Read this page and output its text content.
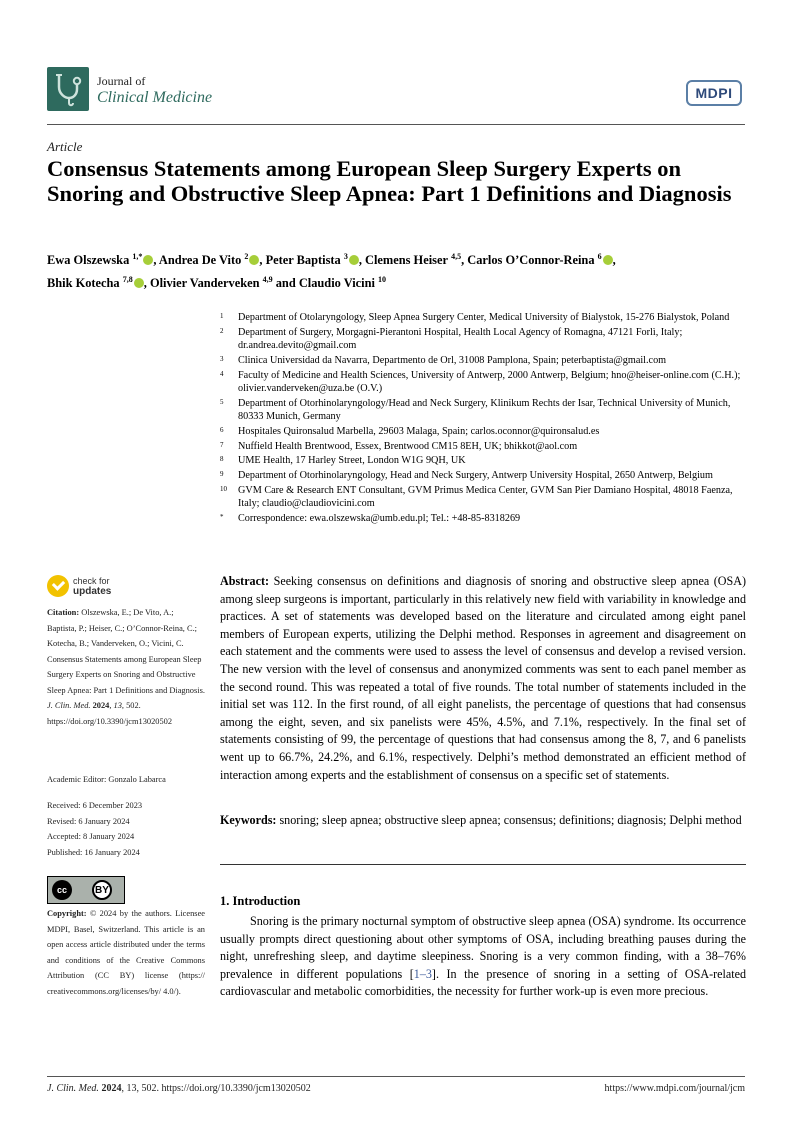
Journal of
Clinical Medicine	MDPI
Article
Consensus Statements among European Sleep Surgery Experts on Snoring and Obstructive Sleep Apnea: Part 1 Definitions and Diagnosis
Ewa Olszewska $^{1,*}$ , Andrea De Vito $^2$ , Peter Baptista $^3$ , Clemens Heiser $^{4,5}$, Carlos O’Connor-Reina $^6$ ,
Bhik Kotecha $^{7,8}$ , Olivier Vanderveken $^{4,9}$ and Claudio Vicini $^{10}$
1	Department of Otolaryngology, Sleep Apnea Surgery Center, Medical University of Bialystok, 15-276 Bialystok, Poland
2	Department of Surgery, Morgagni-Pierantoni Hospital, Health Local Agency of Romagna, 47121 Forlì, Italy; dr.andrea.devito@gmail.com
3	Clinica Universidad da Navarra, Departmento de Orl, 31008 Pamplona, Spain; peterbaptista@gmail.com
4	Faculty of Medicine and Health Sciences, University of Antwerp, 2000 Antwerp, Belgium; hno@heiser-online.com (C.H.); olivier.vanderveken@uza.be (O.V.)
5	Department of Otorhinolaryngology/Head and Neck Surgery, Klinikum Rechts der Isar, Technical University of Munich, 80333 Munich, Germany
6	Hospitales Quironsalud Marbella, 29603 Malaga, Spain; carlos.oconnor@quironsalud.es
7	Nuffield Health Brentwood, Essex, Brentwood CM15 8EH, UK; bhikkot@aol.com
8	UME Health, 17 Harley Street, London W1G 9QH, UK
9	Department of Otorhinolaryngology, Head and Neck Surgery, Antwerp University Hospital, 2650 Antwerp, Belgium
10	GVM Care & Research ENT Consultant, GVM Primus Medica Center, GVM San Pier Damiano Hospital, 48018 Faenza, Italy; claudio@claudiovicini.com
*	Correspondence: ewa.olszewska@umb.edu.pl; Tel.: +48-85-8318269
check for
updates
Citation: Olszewska, E.; De Vito, A.; Baptista, P.; Heiser, C.; O’Connor-Reina, C.; Kotecha, B.; Vanderveken, O.; Vicini, C. Consensus Statements among European Sleep Surgery Experts on Snoring and Obstructive Sleep Apnea: Part 1 Definitions and Diagnosis. J. Clin. Med. 2024, 13, 502. https://doi.org/10.3390/jcm13020502
Academic Editor: Gonzalo Labarca
Received: 6 December 2023
Revised: 6 January 2024
Accepted: 8 January 2024
Published: 16 January 2024
cc	BY
Copyright: © 2024 by the authors. Licensee MDPI, Basel, Switzerland. This article is an open access article distributed under the terms and conditions of the Creative Commons Attribution (CC BY) license (https:// creativecommons.org/licenses/by/ 4.0/).
Abstract: Seeking consensus on definitions and diagnosis of snoring and obstructive sleep apnea (OSA) among sleep surgeons is important, particularly in this relatively new field with variability in knowledge and practices. A set of statements was developed based on the literature and circulated among eight panel members of European experts, utilizing the Delphi method. Responses in agreement and disagreement on each statement and the comments were used to assess the level of consensus and develop a revised version. The new version with the level of consensus and anonymized comments was sent to each panel member as the second round. This was repeated a total of five rounds. The total number of statements included in the initial set was 112. In the first round, of all eight panelists, the percentage of questions that had consensus among the eight, seven, and six panelists were 45%, 4.5%, and 7.1%, respectively. In the final set of statements consisting of 99, the percentage of questions that had consensus among the 8, 7, and 6 panelists went up to 66.7%, 24.2%, and 6.1%, respectively. Delphi’s method demonstrated an efficient method of interaction among experts and the establishment of consensus on a specific set of statements.
Keywords: snoring; sleep apnea; obstructive sleep apnea; consensus; definitions; diagnosis; Delphi method
1. Introduction

Snoring is the primary nocturnal symptom of obstructive sleep apnea (OSA) syndrome. Its occurrence usually prompts direct questioning about other symptoms of OSA, including breathing pauses during the night, unrefreshing sleep, and daytime sleepiness. Snoring is a very common finding, with a 38–76% prevalence in different populations [1–3]. In the presence of snoring in a setting of OSA-related cardiovascular and metabolic comorbidities, the necessity for further work-up is even more precious.

J. Clin. Med. 2024, 13, 502. https://doi.org/10.3390/jcm13020502	https://www.mdpi.com/journal/jcm
